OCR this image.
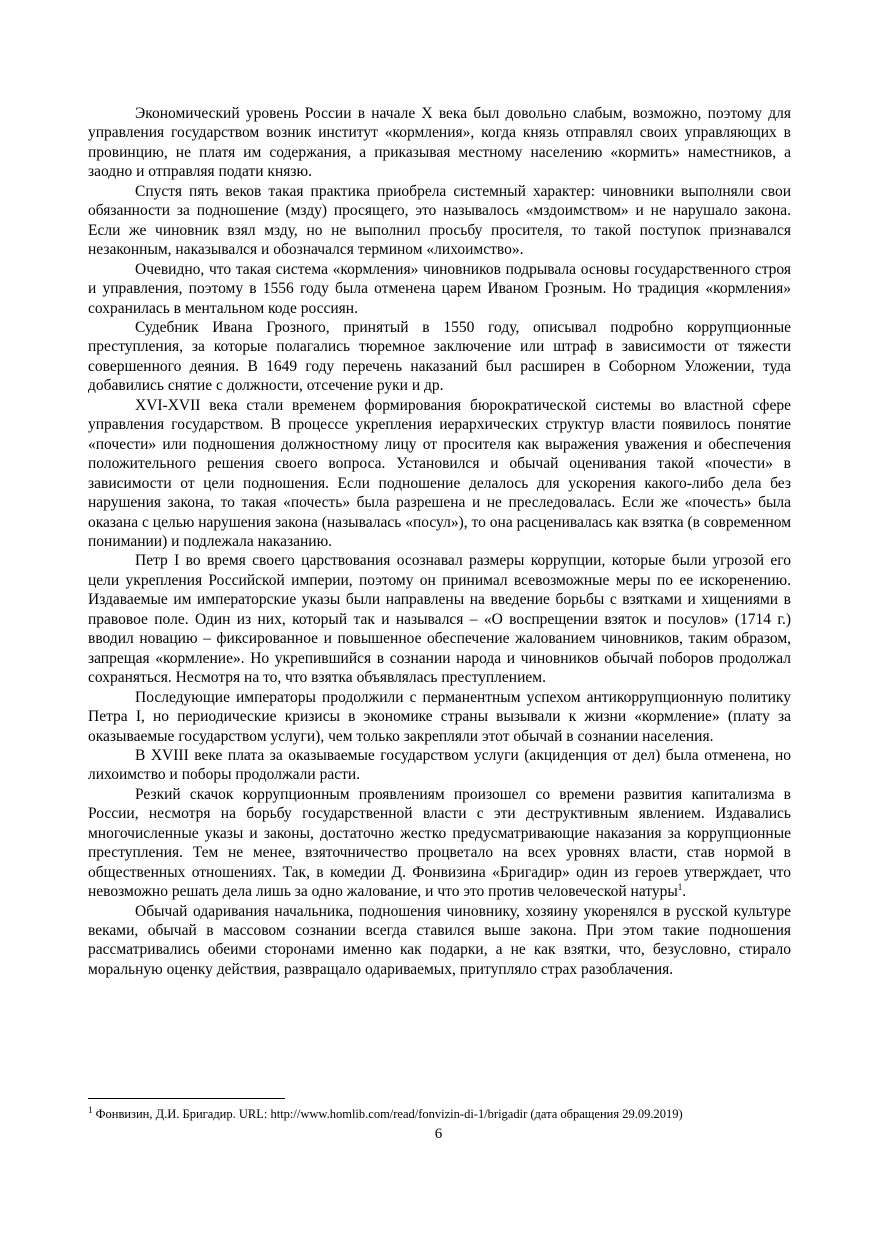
Экономический уровень России в начале X века был довольно слабым, возможно, поэтому для управления государством возник институт «кормления», когда князь отправлял своих управляющих в провинцию, не платя им содержания, а приказывая местному населению «кормить» наместников, а заодно и отправляя подати князю.

Спустя пять веков такая практика приобрела системный характер: чиновники выполняли свои обязанности за подношение (мзду) просящего, это называлось «мздоимством» и не нарушало закона. Если же чиновник взял мзду, но не выполнил просьбу просителя, то такой поступок признавался незаконным, наказывался и обозначался термином «лихоимство».

Очевидно, что такая система «кормления» чиновников подрывала основы государственного строя и управления, поэтому в 1556 году была отменена царем Иваном Грозным. Но традиция «кормления» сохранилась в ментальном коде россиян.

Судебник Ивана Грозного, принятый в 1550 году, описывал подробно коррупционные преступления, за которые полагались тюремное заключение или штраф в зависимости от тяжести совершенного деяния. В 1649 году перечень наказаний был расширен в Соборном Уложении, туда добавились снятие с должности, отсечение руки и др.

XVI-XVII века стали временем формирования бюрократической системы во властной сфере управления государством. В процессе укрепления иерархических структур власти появилось понятие «почести» или подношения должностному лицу от просителя как выражения уважения и обеспечения положительного решения своего вопроса. Установился и обычай оценивания такой «почести» в зависимости от цели подношения. Если подношение делалось для ускорения какого-либо дела без нарушения закона, то такая «почесть» была разрешена и не преследовалась. Если же «почесть» была оказана с целью нарушения закона (называлась «посул»), то она расценивалась как взятка (в современном понимании) и подлежала наказанию.

Петр I во время своего царствования осознавал размеры коррупции, которые были угрозой его цели укрепления Российской империи, поэтому он принимал всевозможные меры по ее искоренению. Издаваемые им императорские указы были направлены на введение борьбы с взятками и хищениями в правовое поле. Один из них, который так и назывался – «О воспрещении взяток и посулов» (1714 г.) вводил новацию – фиксированное и повышенное обеспечение жалованием чиновников, таким образом, запрещая «кормление». Но укрепившийся в сознании народа и чиновников обычай поборов продолжал сохраняться. Несмотря на то, что взятка объявлялась преступлением.

Последующие императоры продолжили с перманентным успехом антикоррупционную политику Петра I, но периодические кризисы в экономике страны вызывали к жизни «кормление» (плату за оказываемые государством услуги), чем только закрепляли этот обычай в сознании населения.

В XVIII веке плата за оказываемые государством услуги (акциденция от дел) была отменена, но лихоимство и поборы продолжали расти.

Резкий скачок коррупционным проявлениям произошел со времени развития капитализма в России, несмотря на борьбу государственной власти с эти деструктивным явлением. Издавались многочисленные указы и законы, достаточно жестко предусматривающие наказания за коррупционные преступления. Тем не менее, взяточничество процветало на всех уровнях власти, став нормой в общественных отношениях. Так, в комедии Д. Фонвизина «Бригадир» один из героев утверждает, что невозможно решать дела лишь за одно жалование, и что это против человеческой натуры$^1$.

Обычай одаривания начальника, подношения чиновнику, хозяину укоренялся в русской культуре веками, обычай в массовом сознании всегда ставился выше закона. При этом такие подношения рассматривались обеими сторонами именно как подарки, а не как взятки, что, безусловно, стирало моральную оценку действия, развращало одариваемых, притупляло страх разоблачения.

$^1$ Фонвизин, Д.И. Бригадир. URL: http://www.homlib.com/read/fonvizin-di-1/brigadir (дата обращения 29.09.2019)
6
